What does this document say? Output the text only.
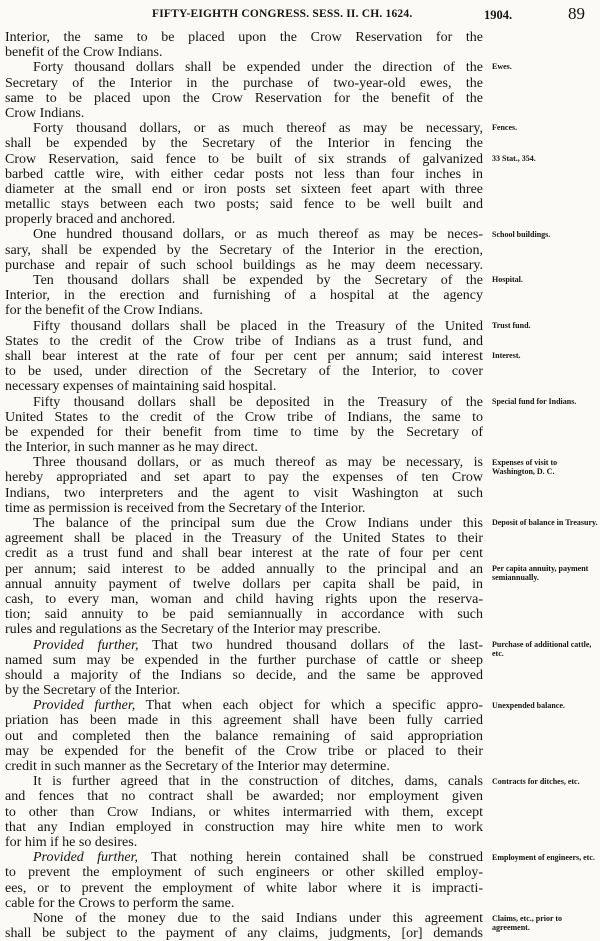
FIFTY-EIGHTH CONGRESS. SESS. II. CH. 1624.	1904.	89
Interior, the same to be placed upon the Crow Reservation for the
benefit of the Crow Indians.
Forty thousand dollars shall be expended under the direction of the
Secretary of the Interior in the purchase of two-year-old ewes, the
same to be placed upon the Crow Reservation for the benefit of the
Crow Indians.
Forty thousand dollars, or as much thereof as may be necessary,
shall be expended by the Secretary of the Interior in fencing the
Crow Reservation, said fence to be built of six strands of galvanized
barbed cattle wire, with either cedar posts not less than four inches in
diameter at the small end or iron posts set sixteen feet apart with three
metallic stays between each two posts; said fence to be well built and
properly braced and anchored.
One hundred thousand dollars, or as much thereof as may be neces-
sary, shall be expended by the Secretary of the Interior in the erection,
purchase and repair of such school buildings as he may deem necessary.
Ten thousand dollars shall be expended by the Secretary of the
Interior, in the erection and furnishing of a hospital at the agency
for the benefit of the Crow Indians.
Fifty thousand dollars shall be placed in the Treasury of the United
States to the credit of the Crow tribe of Indians as a trust fund, and
shall bear interest at the rate of four per cent per annum; said interest
to be used, under direction of the Secretary of the Interior, to cover
necessary expenses of maintaining said hospital.
Fifty thousand dollars shall be deposited in the Treasury of the
United States to the credit of the Crow tribe of Indians, the same to
be expended for their benefit from time to time by the Secretary of
the Interior, in such manner as he may direct.
Three thousand dollars, or as much thereof as may be necessary, is
hereby appropriated and set apart to pay the expenses of ten Crow
Indians, two interpreters and the agent to visit Washington at such
time as permission is received from the Secretary of the Interior.
The balance of the principal sum due the Crow Indians under this
agreement shall be placed in the Treasury of the United States to their
credit as a trust fund and shall bear interest at the rate of four per cent
per annum; said interest to be added annually to the principal and an
annual annuity payment of twelve dollars per capita shall be paid, in
cash, to every man, woman and child having rights upon the reserva-
tion; said annuity to be paid semiannually in accordance with such
rules and regulations as the Secretary of the Interior may prescribe.
Provided further, That two hundred thousand dollars of the last-
named sum may be expended in the further purchase of cattle or sheep
should a majority of the Indians so decide, and the same be approved
by the Secretary of the Interior.
Provided further, That when each object for which a specific appro-
priation has been made in this agreement shall have been fully carried
out and completed then the balance remaining of said appropriation
may be expended for the benefit of the Crow tribe or placed to their
credit in such manner as the Secretary of the Interior may determine.
It is further agreed that in the construction of ditches, dams, canals
and fences that no contract shall be awarded; nor employment given
to other than Crow Indians, or whites intermarried with them, except
that any Indian employed in construction may hire white men to work
for him if he so desires.
Provided further, That nothing herein contained shall be construed
to prevent the employment of such engineers or other skilled employ-
ees, or to prevent the employment of white labor where it is impracti-
cable for the Crows to perform the same.
None of the money due to the said Indians under this agreement
shall be subject to the payment of any claims, judgments, [or] demands
Ewes.
Fences.
33 Stat., 354.
School buildings.
Hospital.
Trust fund.
Interest.
Special fund for Indians.
Expenses of visit to Washington, D. C.
Deposit of balance in Treasury.
Per capita annuity, payment semiannually.
Purchase of additional cattle, etc.
Unexpended balance.
Contracts for ditches, etc.
Employment of engineers, etc.
Claims, etc., prior to agreement.
